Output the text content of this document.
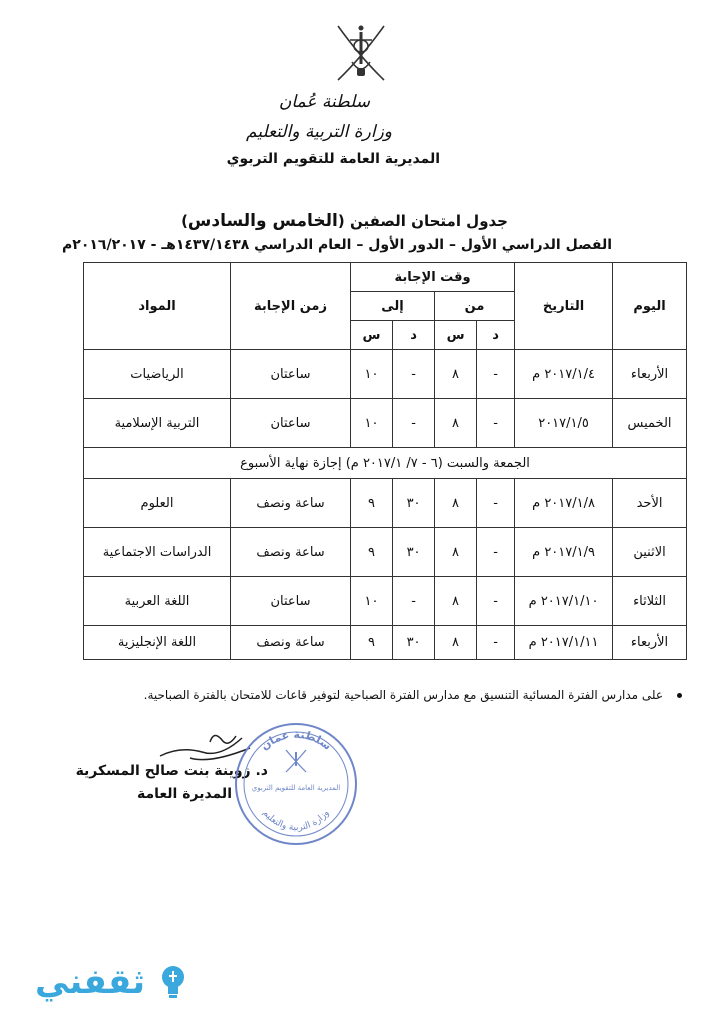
سلطنة عُمان
وزارة التربية والتعليم
المديرية العامة للتقويم التربوي
جدول امتحان الصفين (الخامس والسادس)
الفصل الدراسي الأول – الدور الأول – العام الدراسي ١٤٣٧/١٤٣٨هـ - ٢٠١٦/٢٠١٧م
اليوم	التاريخ	وقت الإجابة				زمن الإجابة	المواد
		من		إلى			
		د	س	د	س		
الأربعاء	٢٠١٧/١/٤ م	-	٨	-	١٠	ساعتان	الرياضيات
الخميس	٢٠١٧/١/٥	-	٨	-	١٠	ساعتان	التربية الإسلامية
الجمعة والسبت (٦ - ٧/ ٢٠١٧/١ م) إجازة نهاية الأسبوع							
الأحد	٢٠١٧/١/٨ م	-	٨	٣٠	٩	ساعة ونصف	العلوم
الاثنين	٢٠١٧/١/٩ م	-	٨	٣٠	٩	ساعة ونصف	الدراسات الاجتماعية
الثلاثاء	٢٠١٧/١/١٠ م	-	٨	-	١٠	ساعتان	اللغة العربية
الأربعاء	٢٠١٧/١/١١ م	-	٨	٣٠	٩	ساعة ونصف	اللغة الإنجليزية
على مدارس الفترة المسائية التنسيق مع مدارس الفترة الصباحية لتوفير قاعات للامتحان بالفترة الصباحية.
د. زوينة بنت صالح المسكرية
المديرة العامة
سلطنة عمان
المديرية العامة للتقويم التربوي
وزارة التربية والتعليم
ثقفني
